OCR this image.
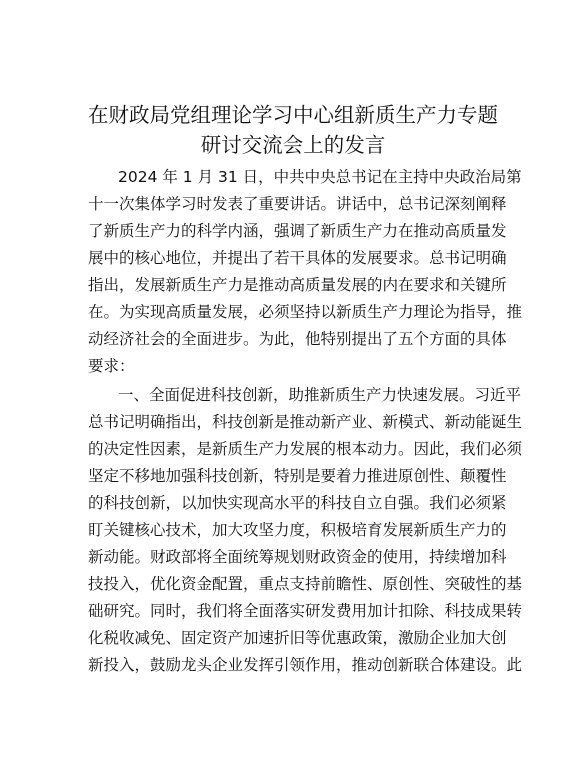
在财政局党组理论学习中心组新质生产力专题
研讨交流会上的发言
2024 年 1 月 31 日，中共中央总书记在主持中央政治局第
十一次集体学习时发表了重要讲话。讲话中，总书记深刻阐释
了新质生产力的科学内涵，强调了新质生产力在推动高质量发
展中的核心地位，并提出了若干具体的发展要求。总书记明确
指出，发展新质生产力是推动高质量发展的内在要求和关键所
在。为实现高质量发展，必须坚持以新质生产力理论为指导，推
动经济社会的全面进步。为此，他特别提出了五个方面的具体
要求：
一、全面促进科技创新，助推新质生产力快速发展。习近平
总书记明确指出，科技创新是推动新产业、新模式、新动能诞生
的决定性因素，是新质生产力发展的根本动力。因此，我们必须
坚定不移地加强科技创新，特别是要着力推进原创性、颠覆性
的科技创新，以加快实现高水平的科技自立自强。我们必须紧
盯关键核心技术，加大攻坚力度，积极培育发展新质生产力的
新动能。财政部将全面统筹规划财政资金的使用，持续增加科
技投入，优化资金配置，重点支持前瞻性、原创性、突破性的基
础研究。同时，我们将全面落实研发费用加计扣除、科技成果转
化税收减免、固定资产加速折旧等优惠政策，激励企业加大创
新投入，鼓励龙头企业发挥引领作用，推动创新联合体建设。此
